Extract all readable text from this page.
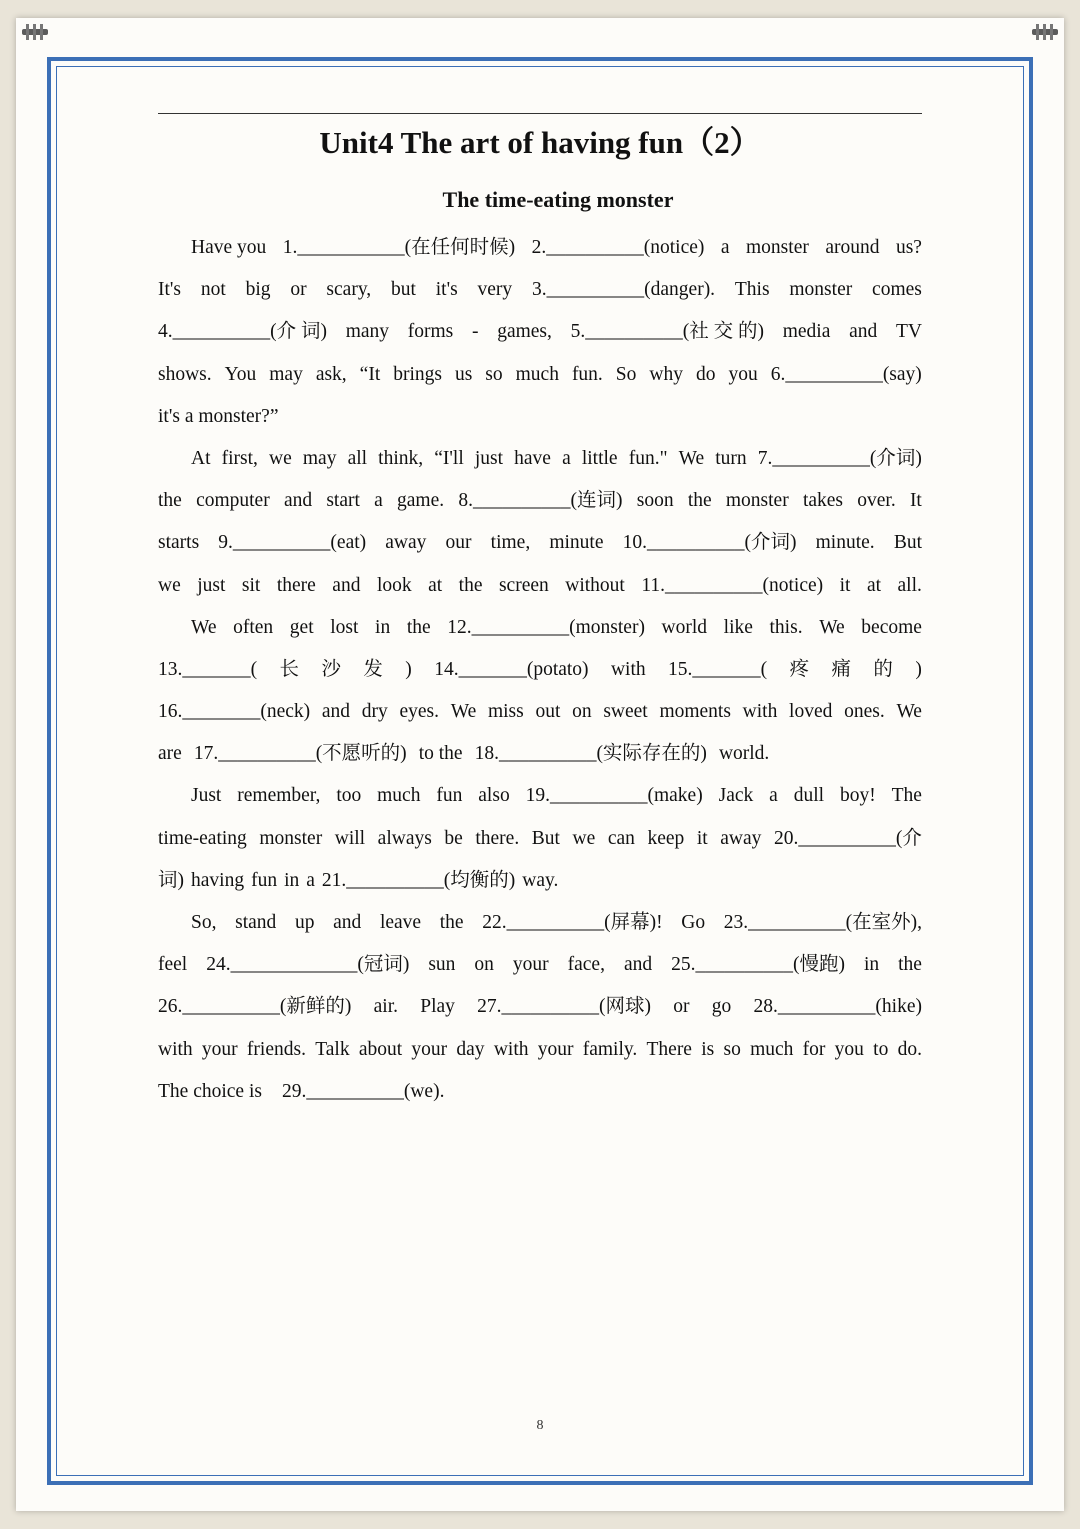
Unit4 The art of having fun（2）
The time-eating monster
Have you 1.___________(在任何时候) 2.__________(notice) a monster around us?
It's not big or scary, but it's very 3.__________(danger). This monster comes
4.__________(介 词) many forms - games, 5.__________(社 交 的) media and TV
shows. You may ask, “It brings us so much fun. So why do you 6.__________(say)
it's a monster?”
At first, we may all think, “I'll just have a little fun." We turn 7.__________(介词)
the computer and start a game. 8.__________(连词) soon the monster takes over. It
starts 9.__________(eat) away our time, minute 10.__________(介词) minute. But
we just sit there and look at the screen without 11.__________(notice) it at all.
We often get lost in the 12.__________(monster) world like this. We become
13._______( 长 沙 发 ) 14._______(potato) with 15._______( 疼 痛 的 )
16.________(neck) and dry eyes. We miss out on sweet moments with loved ones. We
are 17.__________(不愿听的) to the 18.__________(实际存在的) world.
Just remember, too much fun also 19.__________(make) Jack a dull boy! The
time-eating monster will always be there. But we can keep it away 20.__________(介
词) having fun in a 21.__________(均衡的) way.
So, stand up and leave the 22.__________(屏幕)! Go 23.__________(在室外),
feel 24._____________(冠词) sun on your face, and 25.__________(慢跑) in the
26.__________(新鲜的) air. Play 27.__________(网球) or go 28.__________(hike)
with your friends. Talk about your day with your family. There is so much for you to do.
The choice is 29.__________(we).
8
